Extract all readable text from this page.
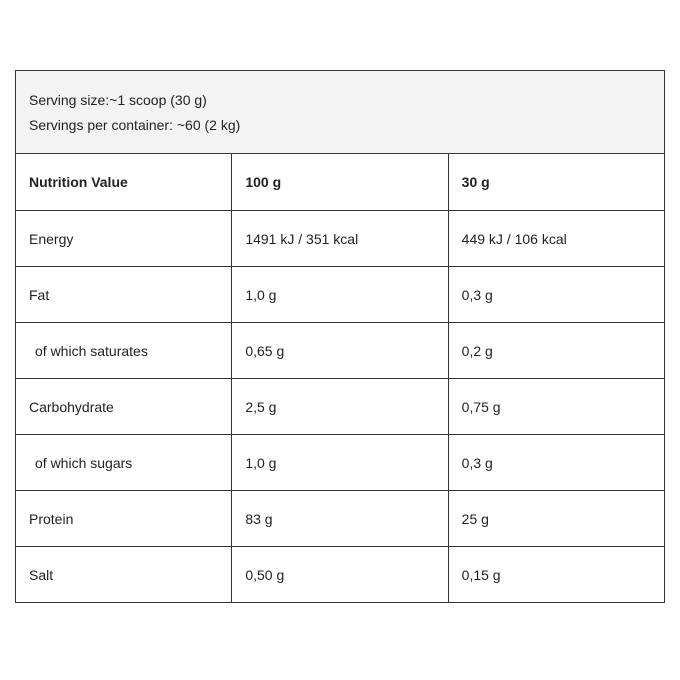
Serving size:~1 scoop (30 g)
Servings per container: ~60 (2 kg)		

Nutrition Value	100 g	30 g
Energy	1491 kJ / 351 kcal	449 kJ / 106 kcal
Fat	1,0 g	0,3 g
of which saturates	0,65 g	0,2 g
Carbohydrate	2,5 g	0,75 g
of which sugars	1,0 g	0,3 g
Protein	83 g	25 g
Salt	0,50 g	0,15 g
